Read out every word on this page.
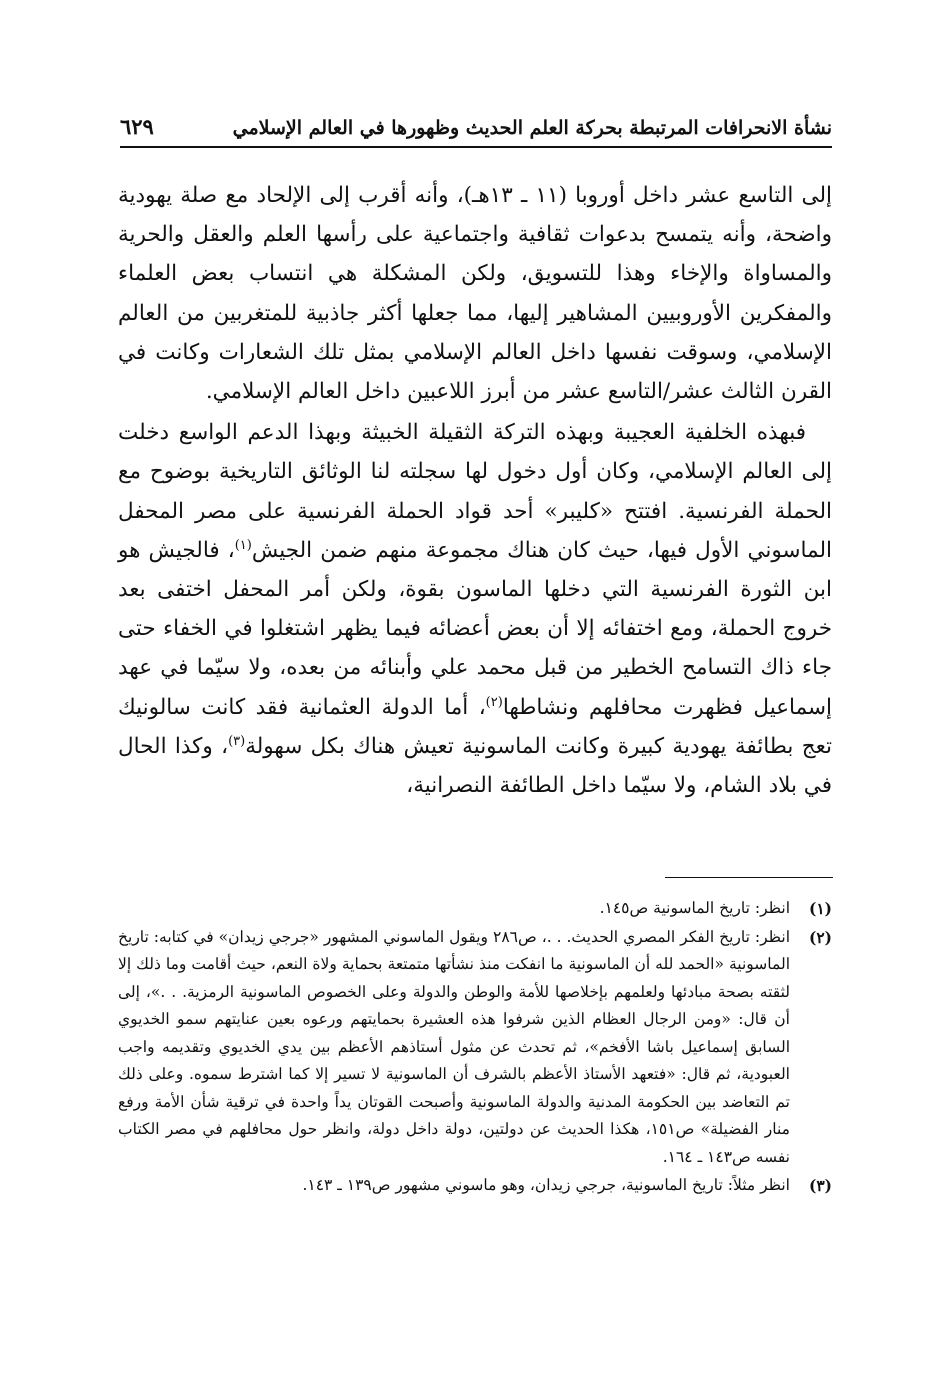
نشأة الانحرافات المرتبطة بحركة العلم الحديث وظهورها في العالم الإسلامي
٦٢٩

إلى التاسع عشر داخل أوروبا (١١ ـ ١٣هـ)، وأنه أقرب إلى الإلحاد مع صلة يهودية واضحة، وأنه يتمسح بدعوات ثقافية واجتماعية على رأسها العلم والعقل والحرية والمساواة والإخاء وهذا للتسويق، ولكن المشكلة هي انتساب بعض العلماء والمفكرين الأوروبيين المشاهير إليها، مما جعلها أكثر جاذبية للمتغربين من العالم الإسلامي، وسوقت نفسها داخل العالم الإسلامي بمثل تلك الشعارات وكانت في القرن الثالث عشر/التاسع عشر من أبرز اللاعبين داخل العالم الإسلامي.

فبهذه الخلفية العجيبة وبهذه التركة الثقيلة الخبيثة وبهذا الدعم الواسع دخلت إلى العالم الإسلامي، وكان أول دخول لها سجلته لنا الوثائق التاريخية بوضوح مع الحملة الفرنسية. افتتح «كليبر» أحد قواد الحملة الفرنسية على مصر المحفل الماسوني الأول فيها، حيث كان هناك مجموعة منهم ضمن الجيش$^{(١)}$، فالجيش هو ابن الثورة الفرنسية التي دخلها الماسون بقوة، ولكن أمر المحفل اختفى بعد خروج الحملة، ومع اختفائه إلا أن بعض أعضائه فيما يظهر اشتغلوا في الخفاء حتى جاء ذاك التسامح الخطير من قبل محمد علي وأبنائه من بعده، ولا سيّما في عهد إسماعيل فظهرت محافلهم ونشاطها$^{(٢)}$، أما الدولة العثمانية فقد كانت سالونيك تعج بطائفة يهودية كبيرة وكانت الماسونية تعيش هناك بكل سهولة$^{(٣)}$، وكذا الحال في بلاد الشام، ولا سيّما داخل الطائفة النصرانية،

(١)
انظر: تاريخ الماسونية ص١٤٥.
(٢)
انظر: تاريخ الفكر المصري الحديث. . .، ص٢٨٦ ويقول الماسوني المشهور «جرجي زيدان» في كتابه: تاريخ الماسونية «الحمد لله أن الماسونية ما انفكت منذ نشأتها متمتعة بحماية ولاة النعم، حيث أقامت وما ذلك إلا لثقته بصحة مبادئها ولعلمهم بإخلاصها للأمة والوطن والدولة وعلى الخصوص الماسونية الرمزية. . .»، إلى أن قال: «ومن الرجال العظام الذين شرفوا هذه العشيرة بحمايتهم ورعوه بعين عنايتهم سمو الخديوي السابق إسماعيل باشا الأفخم»، ثم تحدث عن مثول أستاذهم الأعظم بين يدي الخديوي وتقديمه واجب العبودية، ثم قال: «فتعهد الأستاذ الأعظم بالشرف أن الماسونية لا تسير إلا كما اشترط سموه. وعلى ذلك تم التعاضد بين الحكومة المدنية والدولة الماسونية وأصبحت القوتان يداً واحدة في ترقية شأن الأمة ورفع منار الفضيلة» ص١٥١، هكذا الحديث عن دولتين، دولة داخل دولة، وانظر حول محافلهم في مصر الكتاب نفسه ص١٤٣ ـ ١٦٤.
(٣)
انظر مثلاً: تاريخ الماسونية، جرجي زيدان، وهو ماسوني مشهور ص١٣٩ ـ ١٤٣.
